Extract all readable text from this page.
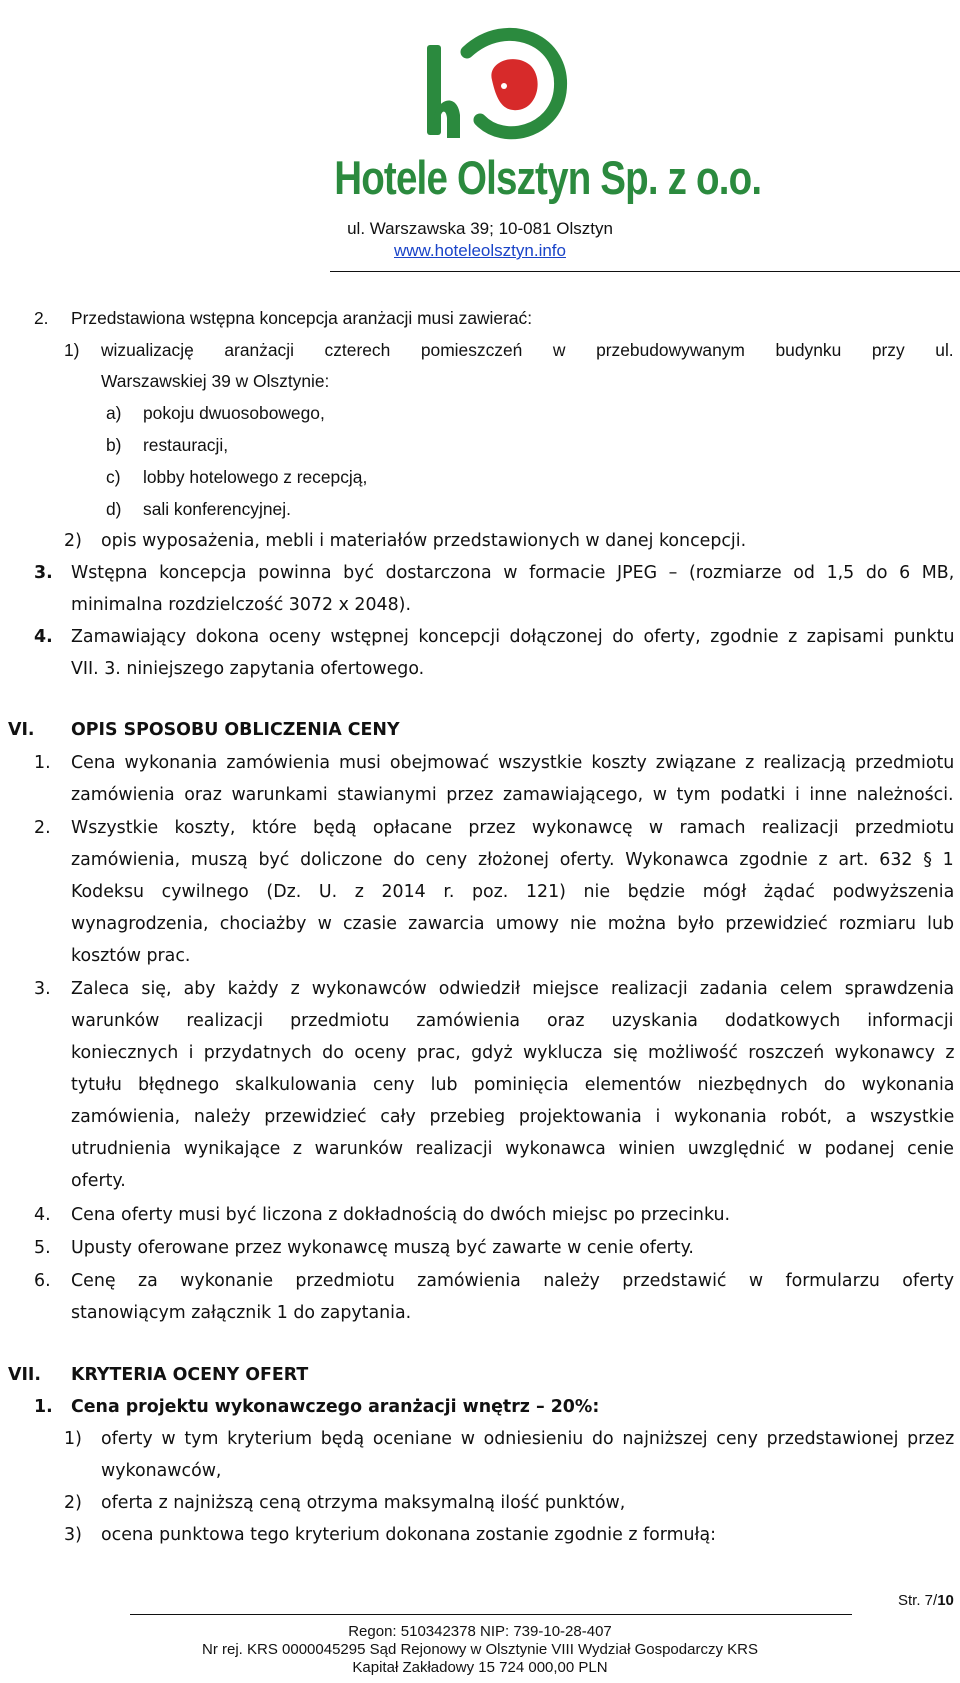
Hotele Olsztyn Sp. z o.o.
ul. Warszawska 39; 10-081 Olsztyn
www.hoteleolsztyn.info
2. Przedstawiona wstępna koncepcja aranżacji musi zawierać:
1) wizualizację aranżacji czterech pomieszczeń w przebudowywanym budynku przy ul.
Warszawskiej 39 w Olsztynie:
a) pokoju dwuosobowego,
b) restauracji,
c) lobby hotelowego z recepcją,
d) sali konferencyjnej.
2) opis wyposażenia, mebli i materiałów przedstawionych w danej koncepcji.
3. Wstępna koncepcja powinna być dostarczona w formacie JPEG – (rozmiarze od 1,5 do 6 MB,
minimalna rozdzielczość 3072 x 2048).
4. Zamawiający dokona oceny wstępnej koncepcji dołączonej do oferty, zgodnie z zapisami punktu
VII. 3. niniejszego zapytania ofertowego.
VI. OPIS SPOSOBU OBLICZENIA CENY
1. Cena wykonania zamówienia musi obejmować wszystkie koszty związane z realizacją przedmiotu
zamówienia oraz warunkami stawianymi przez zamawiającego, w tym podatki i inne należności.
2. Wszystkie koszty, które będą opłacane przez wykonawcę w ramach realizacji przedmiotu
zamówienia, muszą być doliczone do ceny złożonej oferty. Wykonawca zgodnie z art. 632 § 1
Kodeksu cywilnego (Dz. U. z 2014 r. poz. 121) nie będzie mógł żądać podwyższenia
wynagrodzenia, chociażby w czasie zawarcia umowy nie można było przewidzieć rozmiaru lub
kosztów prac.
3. Zaleca się, aby każdy z wykonawców odwiedził miejsce realizacji zadania celem sprawdzenia
warunków realizacji przedmiotu zamówienia oraz uzyskania dodatkowych informacji
koniecznych i przydatnych do oceny prac, gdyż wyklucza się możliwość roszczeń wykonawcy z
tytułu błędnego skalkulowania ceny lub pominięcia elementów niezbędnych do wykonania
zamówienia, należy przewidzieć cały przebieg projektowania i wykonania robót, a wszystkie
utrudnienia wynikające z warunków realizacji wykonawca winien uwzględnić w podanej cenie
oferty.
4. Cena oferty musi być liczona z dokładnością do dwóch miejsc po przecinku.
5. Upusty oferowane przez wykonawcę muszą być zawarte w cenie oferty.
6. Cenę za wykonanie przedmiotu zamówienia należy przedstawić w formularzu oferty
stanowiącym załącznik 1 do zapytania.
VII. KRYTERIA OCENY OFERT
1. Cena projektu wykonawczego aranżacji wnętrz – 20%:
1) oferty w tym kryterium będą oceniane w odniesieniu do najniższej ceny przedstawionej przez
wykonawców,
2) oferta z najniższą ceną otrzyma maksymalną ilość punktów,
3) ocena punktowa tego kryterium dokonana zostanie zgodnie z formułą:
Str. 7/10
Regon: 510342378 NIP: 739-10-28-407
Nr rej. KRS 0000045295 Sąd Rejonowy w Olsztynie VIII Wydział Gospodarczy KRS
Kapitał Zakładowy 15 724 000,00 PLN
